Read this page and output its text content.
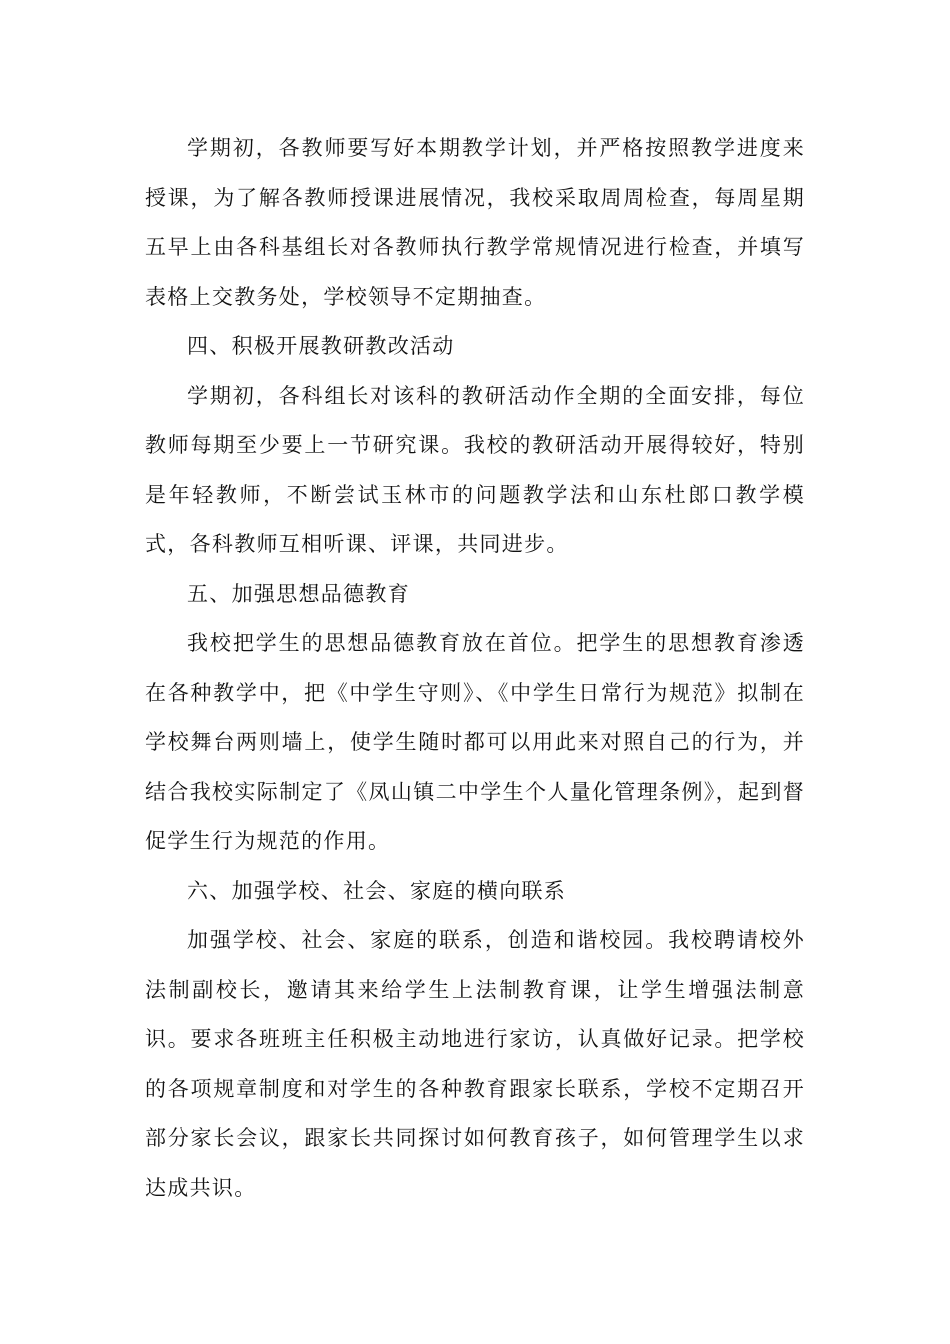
学期初，各教师要写好本期教学计划，并严格按照教学进度来授课，为了解各教师授课进展情况，我校采取周周检查，每周星期五早上由各科基组长对各教师执行教学常规情况进行检查，并填写表格上交教务处，学校领导不定期抽查。

四、积极开展教研教改活动

学期初，各科组长对该科的教研活动作全期的全面安排，每位教师每期至少要上一节研究课。我校的教研活动开展得较好，特别是年轻教师，不断尝试玉林市的问题教学法和山东杜郎口教学模式，各科教师互相听课、评课，共同进步。

五、加强思想品德教育

我校把学生的思想品德教育放在首位。把学生的思想教育渗透在各种教学中，把《中学生守则》、《中学生日常行为规范》拟制在学校舞台两则墙上，使学生随时都可以用此来对照自己的行为，并结合我校实际制定了《凤山镇二中学生个人量化管理条例》，起到督促学生行为规范的作用。

六、加强学校、社会、家庭的横向联系

加强学校、社会、家庭的联系，创造和谐校园。我校聘请校外法制副校长，邀请其来给学生上法制教育课，让学生增强法制意识。要求各班班主任积极主动地进行家访，认真做好记录。把学校的各项规章制度和对学生的各种教育跟家长联系，学校不定期召开部分家长会议，跟家长共同探讨如何教育孩子，如何管理学生以求达成共识。
